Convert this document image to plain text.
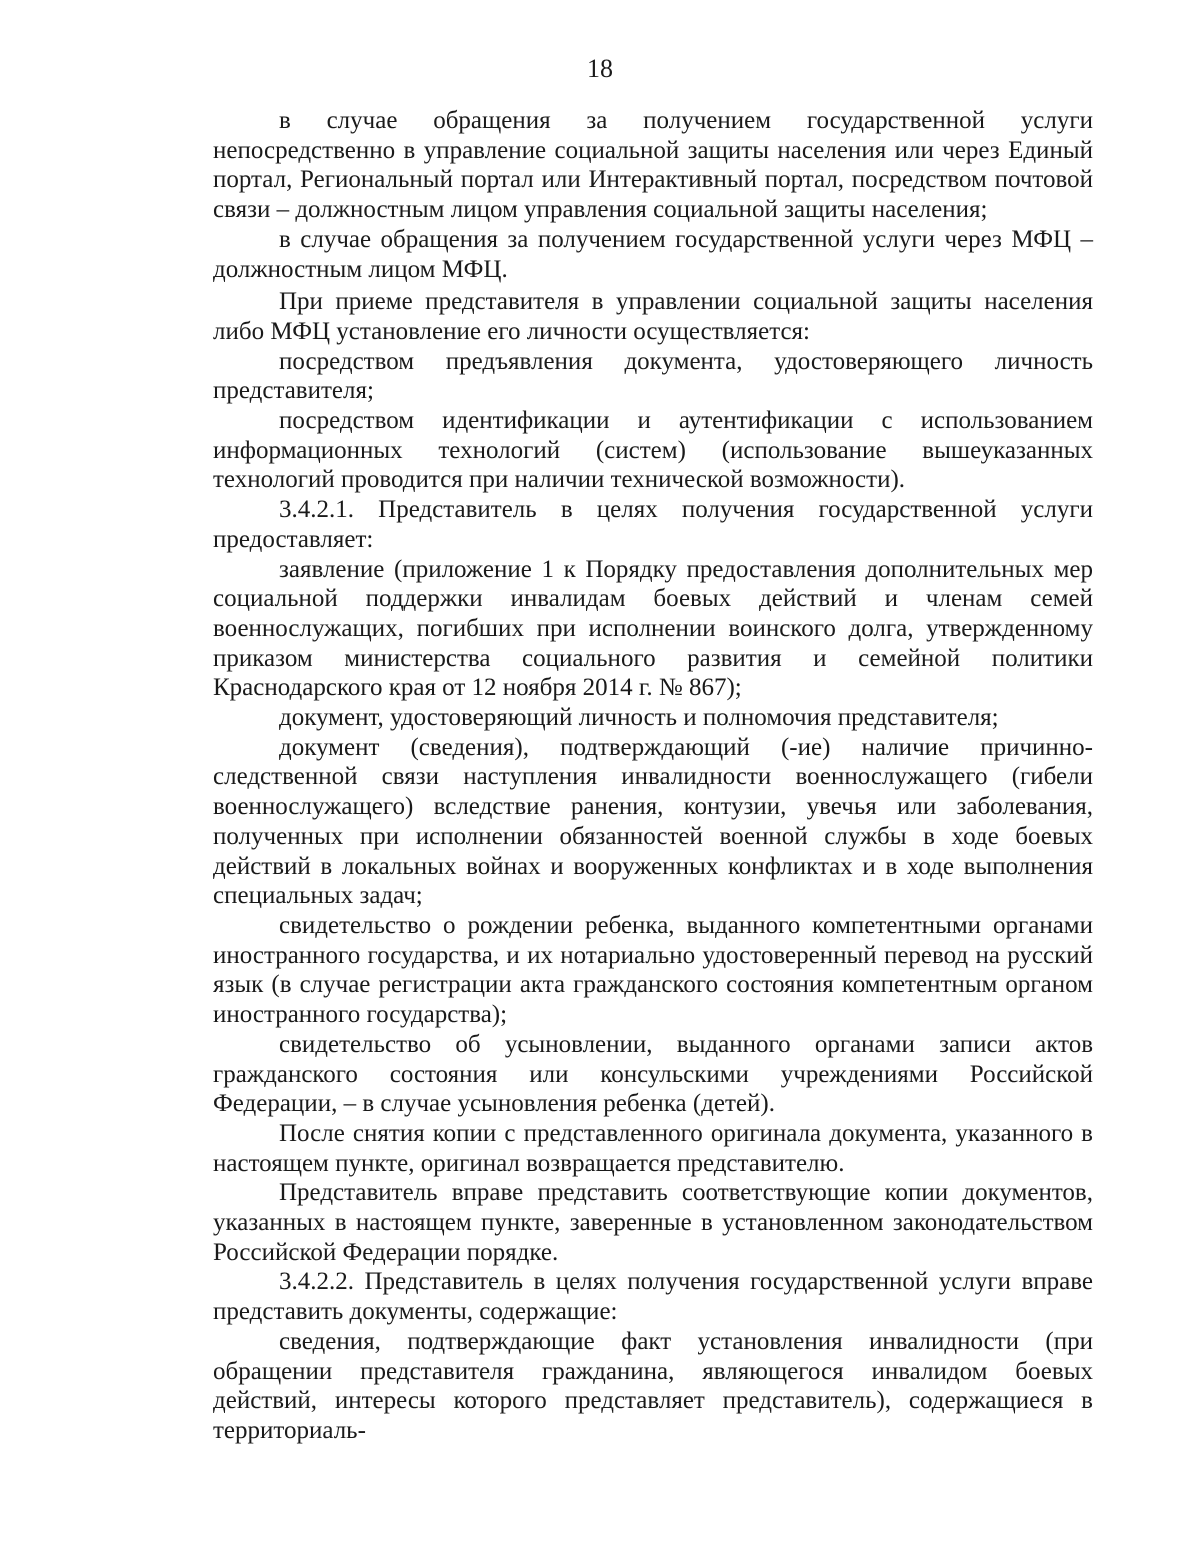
18

в случае обращения за получением государственной услуги непосредственно в управление социальной защиты населения или через Единый портал, Региональный портал или Интерактивный портал, посредством почтовой связи – должностным лицом управления социальной защиты населения;

в случае обращения за получением государственной услуги через МФЦ – должностным лицом МФЦ.

При приеме представителя в управлении социальной защиты населения либо МФЦ установление его личности осуществляется:

посредством предъявления документа, удостоверяющего личность представителя;

посредством идентификации и аутентификации с использованием информационных технологий (систем) (использование вышеуказанных технологий проводится при наличии технической возможности).

3.4.2.1. Представитель в целях получения государственной услуги предоставляет:

заявление (приложение 1 к Порядку предоставления дополнительных мер социальной поддержки инвалидам боевых действий и членам семей военнослужащих, погибших при исполнении воинского долга, утвержденному приказом министерства социального развития и семейной политики Краснодарского края от 12 ноября 2014 г. № 867);

документ, удостоверяющий личность и полномочия представителя;

документ (сведения), подтверждающий (-ие) наличие причинно-следственной связи наступления инвалидности военнослужащего (гибели военнослужащего) вследствие ранения, контузии, увечья или заболевания, полученных при исполнении обязанностей военной службы в ходе боевых действий в локальных войнах и вооруженных конфликтах и в ходе выполнения специальных задач;

свидетельство о рождении ребенка, выданного компетентными органами иностранного государства, и их нотариально удостоверенный перевод на русский язык (в случае регистрации акта гражданского состояния компетентным органом иностранного государства);

свидетельство об усыновлении, выданного органами записи актов гражданского состояния или консульскими учреждениями Российской Федерации, – в случае усыновления ребенка (детей).

После снятия копии с представленного оригинала документа, указанного в настоящем пункте, оригинал возвращается представителю.

Представитель вправе представить соответствующие копии документов, указанных в настоящем пункте, заверенные в установленном законодательством Российской Федерации порядке.

3.4.2.2. Представитель в целях получения государственной услуги вправе представить документы, содержащие:

сведения, подтверждающие факт установления инвалидности (при обращении представителя гражданина, являющегося инвалидом боевых действий, интересы которого представляет представитель), содержащиеся в территориаль-
